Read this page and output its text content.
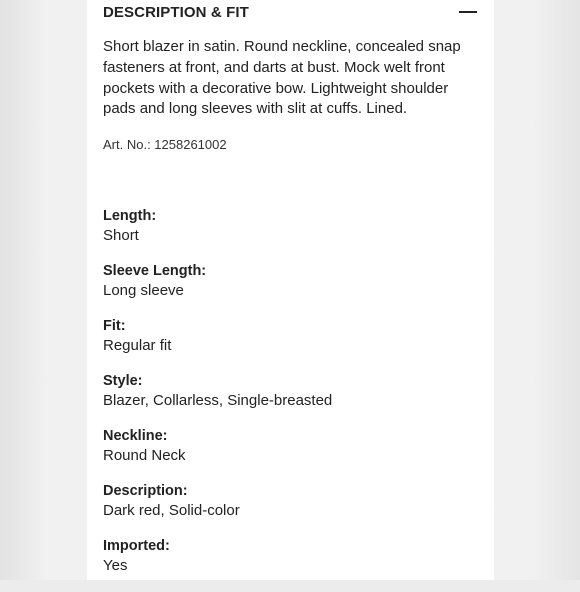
DESCRIPTION & FIT

Short blazer in satin. Round neckline, concealed snap fasteners at front, and darts at bust. Mock welt front pockets with a decorative bow. Lightweight shoulder pads and long sleeves with slit at cuffs. Lined.

Art. No.: 1258261002

Length:
Short
Sleeve Length:
Long sleeve
Fit:
Regular fit
Style:
Blazer, Collarless, Single-breasted
Neckline:
Round Neck
Description:
Dark red, Solid-color
Imported:
Yes
